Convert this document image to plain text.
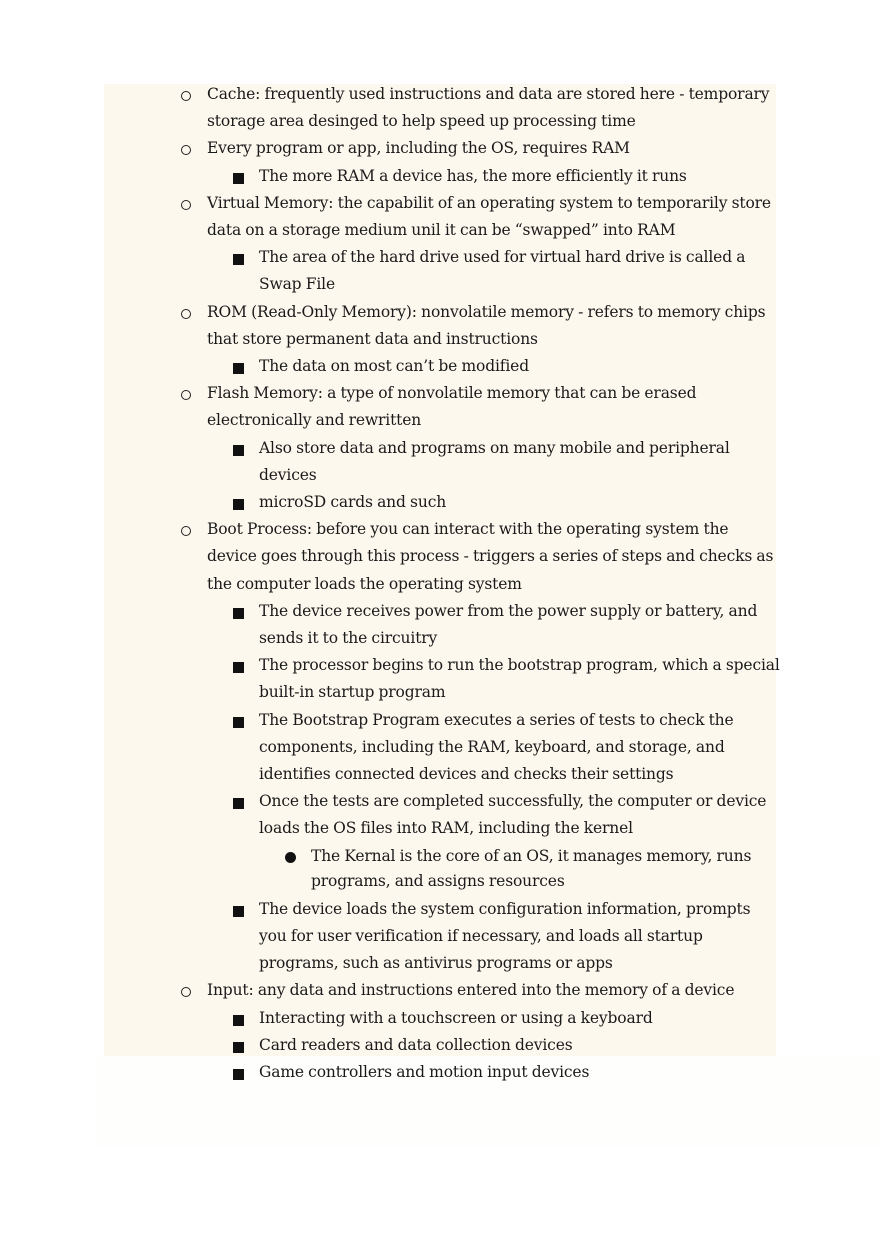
Cache: frequently used instructions and data are stored here - temporary storage area desinged to help speed up processing time
Every program or app, including the OS, requires RAM
The more RAM a device has, the more efficiently it runs
Virtual Memory: the capabilit of an operating system to temporarily store data on a storage medium unil it can be “swapped” into RAM
The area of the hard drive used for virtual hard drive is called a Swap File
ROM (Read-Only Memory): nonvolatile memory - refers to memory chips that store permanent data and instructions
The data on most can’t be modified
Flash Memory: a type of nonvolatile memory that can be erased electronically and rewritten
Also store data and programs on many mobile and peripheral devices
microSD cards and such
Boot Process: before you can interact with the operating system the device goes through this process - triggers a series of steps and checks as the computer loads the operating system
The device receives power from the power supply or battery, and sends it to the circuitry
The processor begins to run the bootstrap program, which a special built-in startup program
The Bootstrap Program executes a series of tests to check the components, including the RAM, keyboard, and storage, and identifies connected devices and checks their settings
Once the tests are completed successfully, the computer or device loads the OS files into RAM, including the kernel
The Kernal is the core of an OS, it manages memory, runs programs, and assigns resources
The device loads the system configuration information, prompts you for user verification if necessary, and loads all startup programs, such as antivirus programs or apps
Input: any data and instructions entered into the memory of a device
Interacting with a touchscreen or using a keyboard
Card readers and data collection devices
Game controllers and motion input devices
